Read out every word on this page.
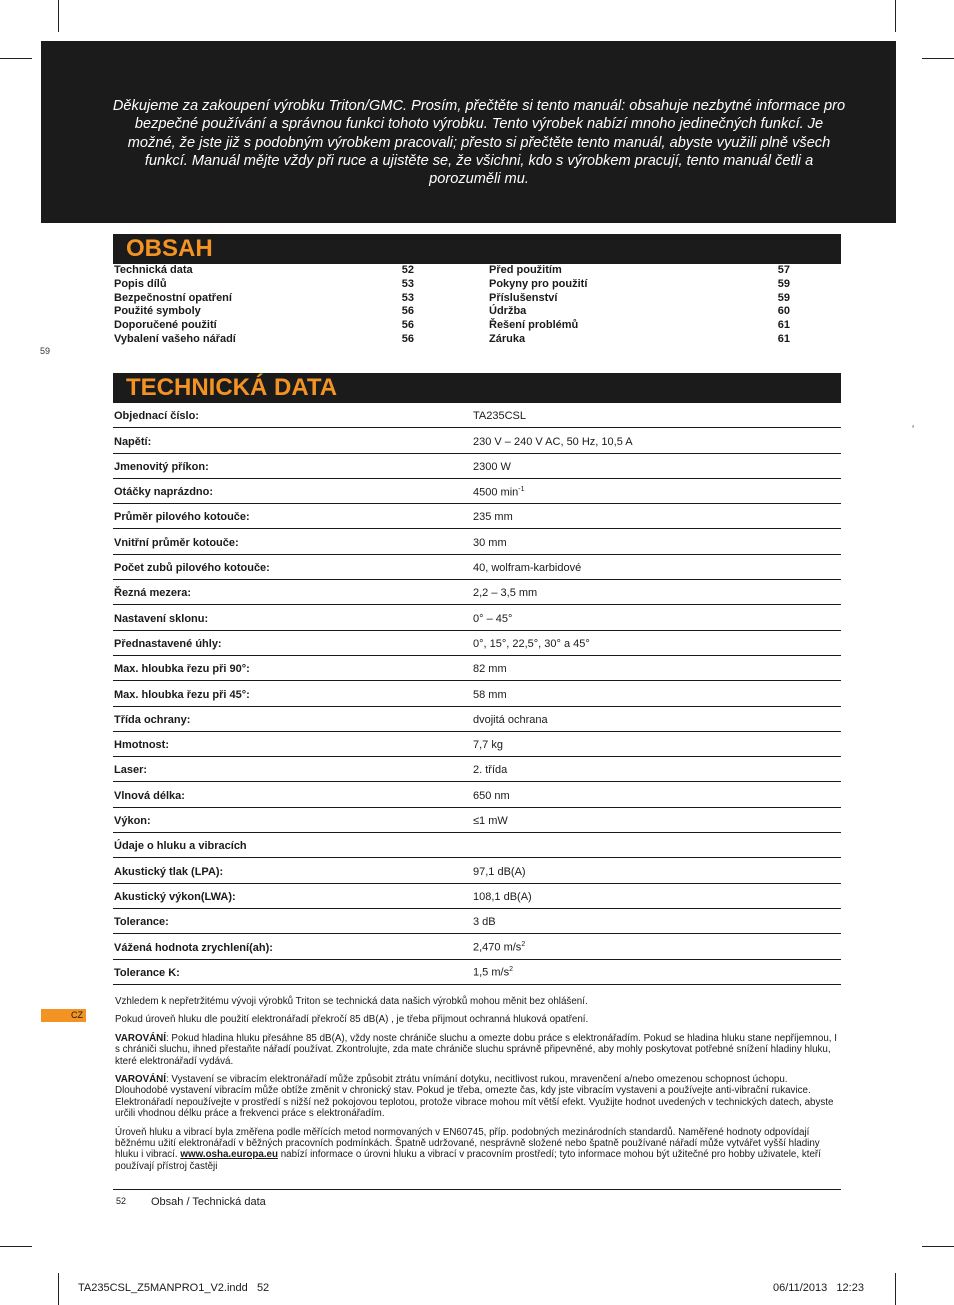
Děkujeme za zakoupení výrobku Triton/GMC. Prosím, přečtěte si tento manuál: obsahuje nezbytné informace pro bezpečné používání a správnou funkci tohoto výrobku. Tento výrobek nabízí mnoho jedinečných funkcí. Je možné, že jste již s podobným výrobkem pracovali; přesto si přečtěte tento manuál, abyste využili plně všech funkcí. Manuál mějte vždy při ruce a ujistěte se, že všichni, kdo s výrobkem pracují, tento manuál četli a porozuměli mu.
OBSAH
Technická data	52
Popis dílů	53
Bezpečnostní opatření	53
Použité symboly	56
Doporučené použití	56
Vybalení vašeho nářadí	56
Před použitím	57
Pokyny pro použití	59
Příslušenství	59
Údržba	60
Řešení problémů	61
Záruka	61
59
‘
TECHNICKÁ DATA
Objednací číslo:	TA235CSL
Napětí:	230 V – 240 V AC, 50 Hz, 10,5 A
Jmenovitý příkon:	2300 W
Otáčky naprázdno:	4500 $\min^{-1}$
Průměr pilového kotouče:	235 mm
Vnitřní průměr kotouče:	30 mm
Počet zubů pilového kotouče:	40, wolfram-karbidové
Řezná mezera:	2,2 – 3,5 mm
Nastavení sklonu:	0° – 45°
Přednastavené úhly:	0°, 15°, 22,5°, 30° a 45°
Max. hloubka řezu při 90°:	82 mm
Max. hloubka řezu při 45°:	58 mm
Třída ochrany:	dvojitá ochrana
Hmotnost:	7,7 kg
Laser:	2. třída
Vlnová délka:	650 nm
Výkon:	≤1 mW
Údaje o hluku a vibracích
Akustický tlak (LPA):	97,1 dB(A)
Akustický výkon(LWA):	108,1 dB(A)
Tolerance:	3 dB
Vážená hodnota zrychlení(ah):	2,470 $m/s^2$
Tolerance K:	1,5 $m/s^2$
CZ

Vzhledem k nepřetržitému vývoji výrobků Triton se technická data našich výrobků mohou měnit bez ohlášení.

Pokud úroveň hluku dle použití elektronářadí překročí 85 dB(A) , je třeba přijmout ochranná hluková opatření.

VAROVÁNÍ: Pokud hladina hluku přesáhne 85 dB(A), vždy noste chrániče sluchu a omezte dobu práce s elektronářadím. Pokud se hladina hluku stane nepříjemnou, I s chrániči sluchu, ihned přestaňte nářadí používat. Zkontrolujte, zda mate chrániče sluchu správně připevněné, aby mohly poskytovat potřebné snížení hladiny hluku, které elektronářadí vydává.

VAROVÁNÍ: Vystavení se vibracím elektronářadí může způsobit ztrátu vnímání dotyku, necitlivost rukou, mravenčení a/nebo omezenou schopnost úchopu. Dlouhodobé vystavení vibracím může obtíže změnit v chronický stav. Pokud je třeba, omezte čas, kdy jste vibracím vystaveni a používejte anti-vibrační rukavice. Elektronářadí nepoužívejte v prostředí s nižší než pokojovou teplotou, protože vibrace mohou mít větší efekt. Využijte hodnot uvedených v technických datech, abyste určili vhodnou délku práce a frekvenci práce s elektronářadím.

Úroveň hluku a vibrací byla změřena podle měřících metod normovaných v EN60745, příp. podobných mezinárodních standardů. Naměřené hodnoty odpovídají běžnému užití elektronářadí v běžných pracovních podmínkách. Špatně udržované, nesprávně složené nebo špatně používané nářadí může vytvářet vyšší hladiny hluku i vibrací. www.osha.europa.eu nabízí informace o úrovni hluku a vibrací v pracovním prostředí; tyto informace mohou být užitečné pro hobby uživatele, kteří používají přístroj častěji

52 Obsah / Technická data
TA235CSL_Z5MANPRO1_V2.indd   52	06/11/2013   12:23
